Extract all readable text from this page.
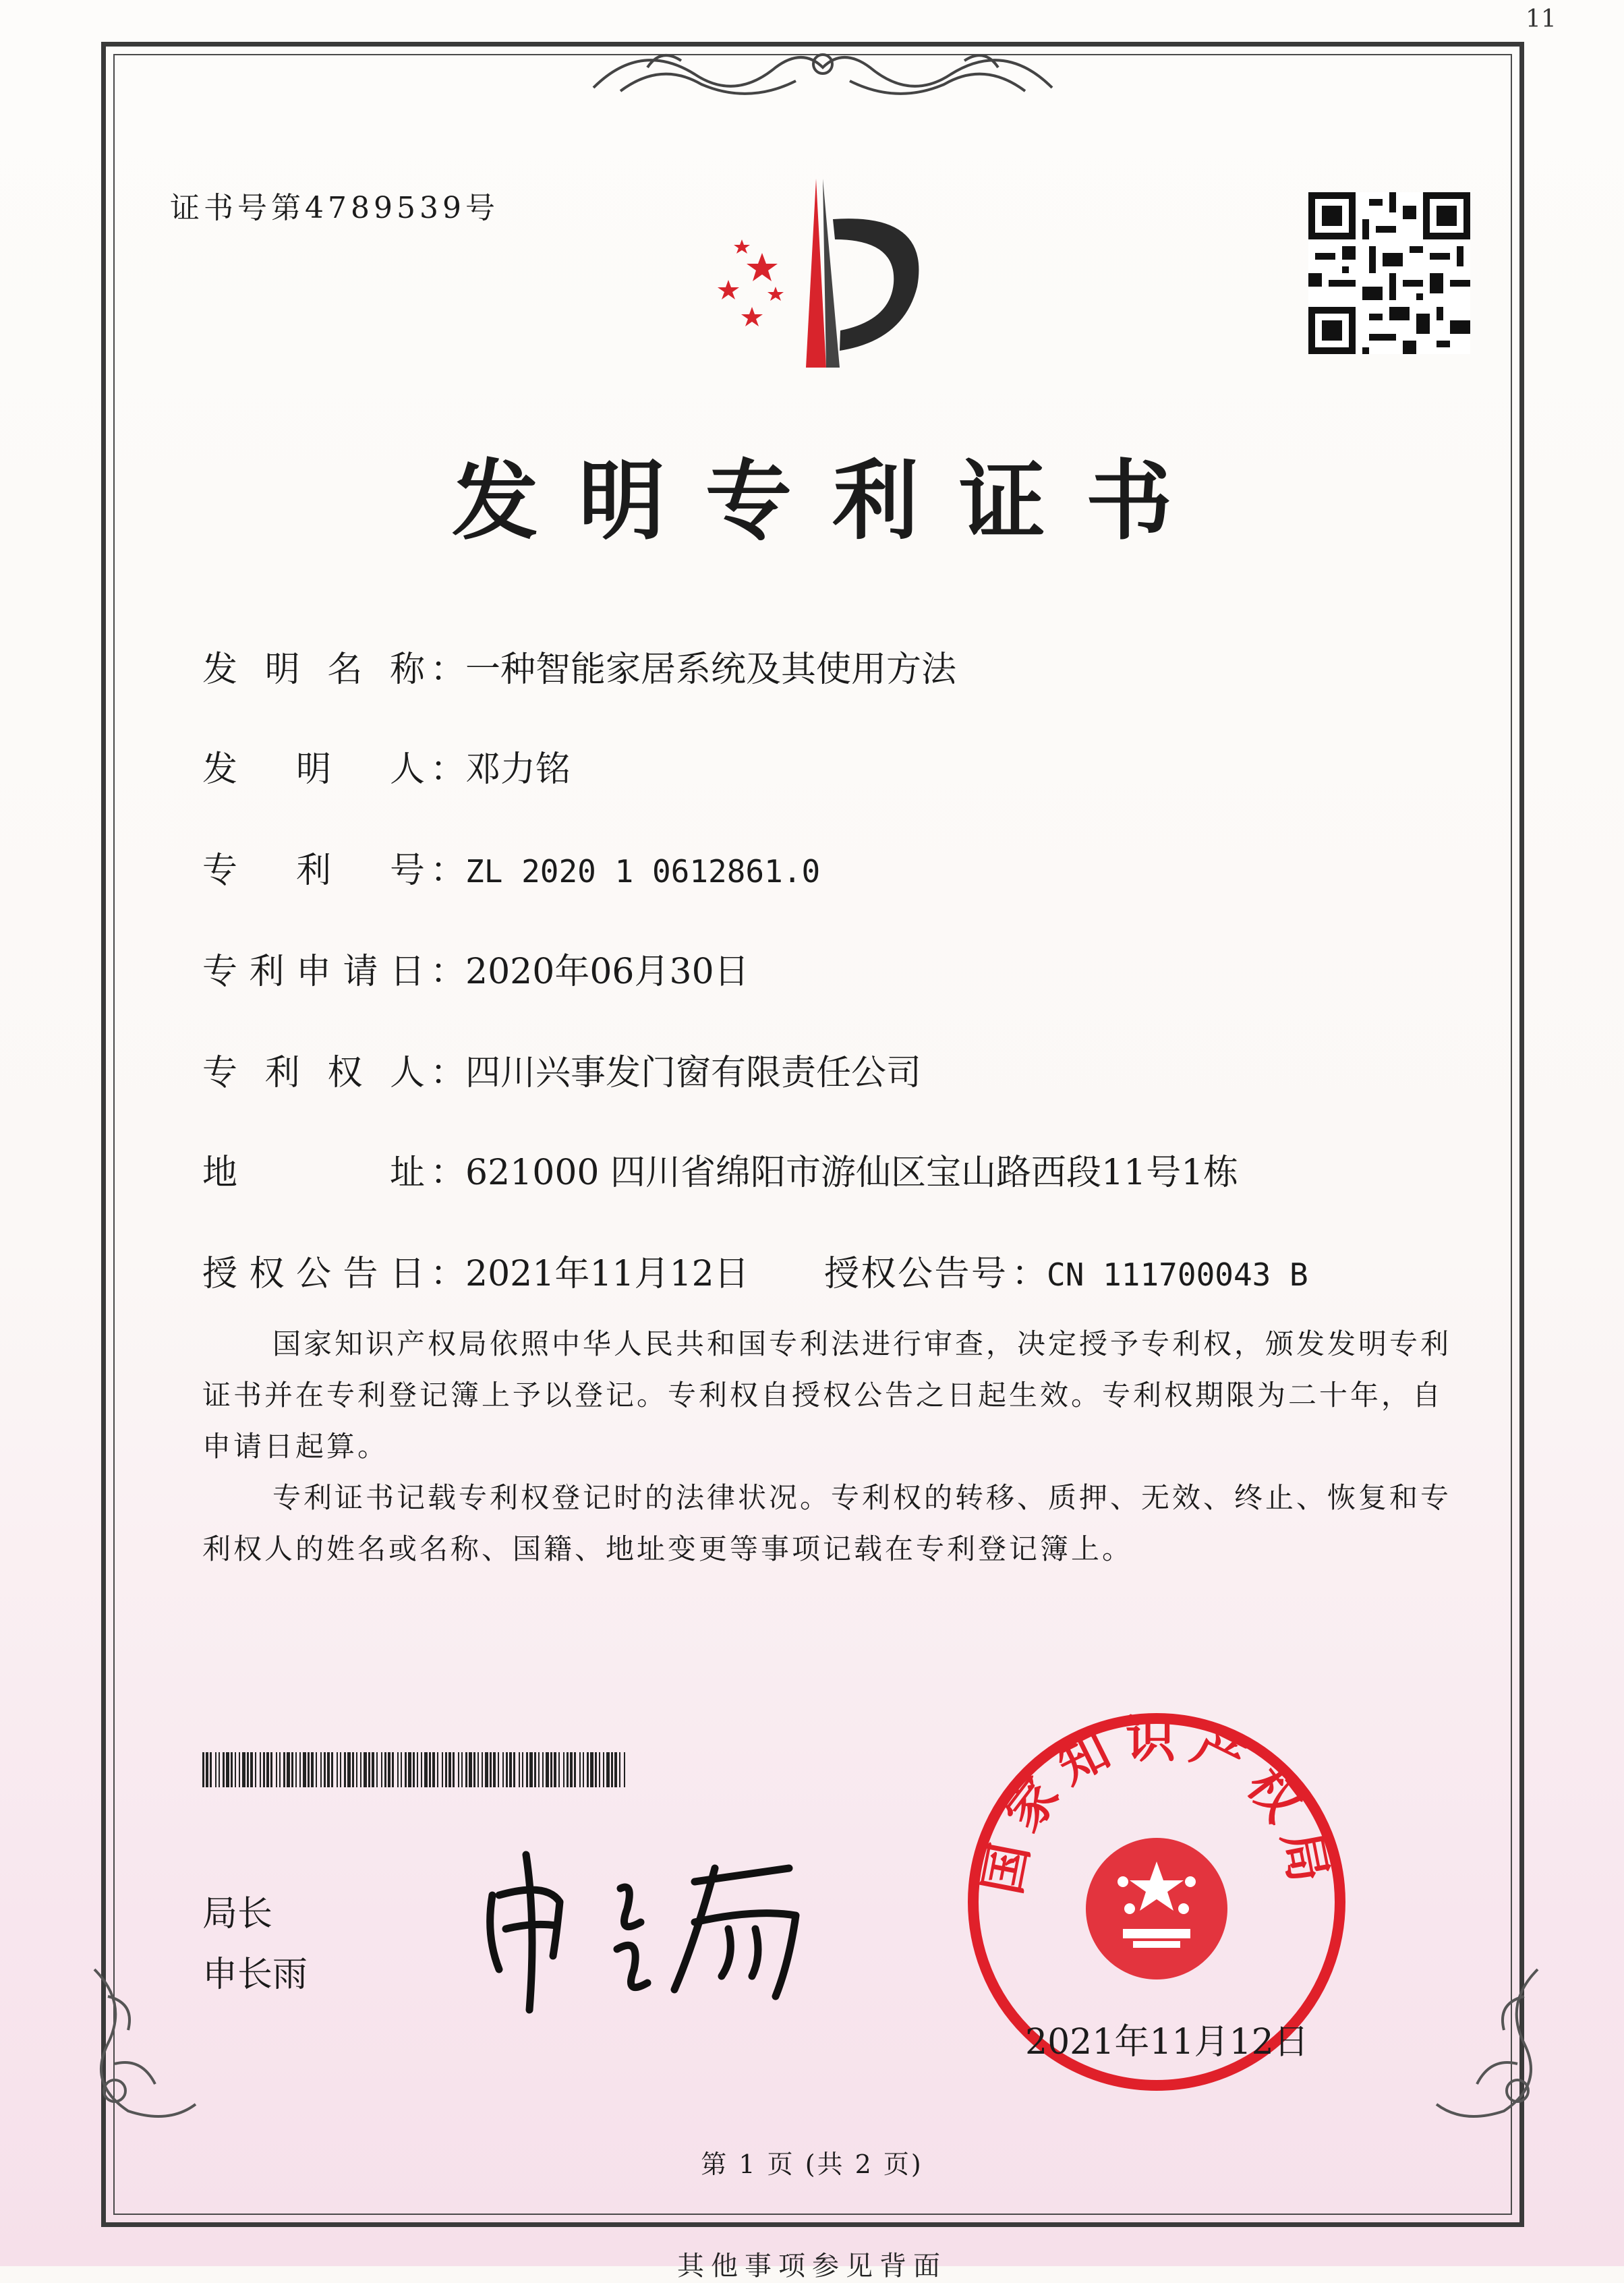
11
证书号第4789539号
发明专利证书
发明名称 ：一种智能家居系统及其使用方法
发明人 ：邓力铭
专利号 ：ZL 2020 1 0612861.0
专利申请日 ：2020年06月30日
专利权人 ：四川兴事发门窗有限责任公司
地址 ：621000 四川省绵阳市游仙区宝山路西段11号1栋
授权公告日 ：2021年11月12日 授权公告号 ：CN 111700043 B

国家知识产权局依照中华人民共和国专利法进行审查，决定授予专利权，颁发发明专利证书并在专利登记簿上予以登记。专利权自授权公告之日起生效。专利权期限为二十年，自申请日起算。

专利证书记载专利权登记时的法律状况。专利权的转移、质押、无效、终止、恢复和专利权人的姓名或名称、国籍、地址变更等事项记载在专利登记簿上。

局长
申长雨
国家知识产权局
2021年11月12日
第 1 页 (共 2 页)
其他事项参见背面
